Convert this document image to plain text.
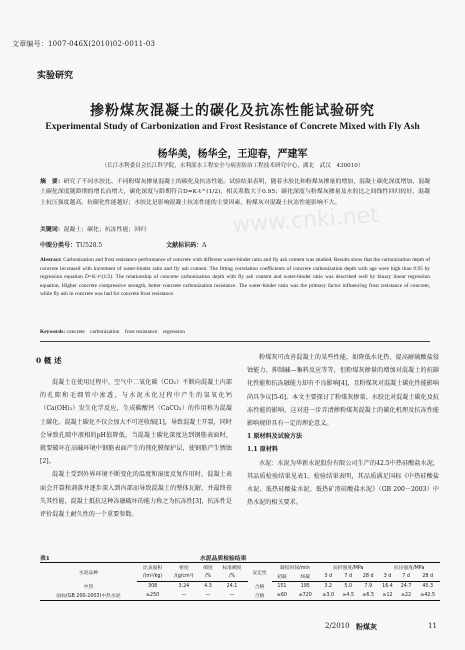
文章编号：1007-046X(2010)02-0011-03
实验研究
掺粉煤灰混凝土的碳化及抗冻性能试验研究
Experimental Study of Carbonization and Frost Resistance of Concrete Mixed with Fly Ash
杨华美，杨华全，王迎春，严建军
（长江水利委员会长江科学院，水利部水工程安全与病害防治工程技术研究中心，湖北　武汉　430010）
摘　要：研究了不同水胶比、不同粉煤灰掺量混凝土的碳化及抗冻性能。试验结果表明，随着水胶比和粉煤灰掺量的增加，混凝土碳化深度增加，混凝土碳化深度随龄期的增长而增大，碳化深度与龄期符合D=K·t^(1/2)，相关系数大于0.95；碳化深度与粉煤灰掺量及水胶比之间线性回归较好，混凝土抗压强度越高，抗碳化性能越好；水胶比是影响混凝土抗冻性能的主要因素，粉煤灰对混凝土抗冻性能影响不大。
关键词：混凝土；碳化；抗冻性能；回归
中图分类号：TU528.5	文献标识码：A
Abstract: Carbonization and frost resistance performance of concrete with different water-binder ratio and fly ash content was studied. Results show that the carbonization depth of concrete increased with increment of water-binder ratio and fly ash content. The fitting correlation coefficients of concrete carbonization depth with age were high than 0.95 by regression equation D=K·t^(1/2). The relationship of concrete carbonization depth with fly ash content and water-binder ratio was described well by binary linear regression equation. Higher concrete compressive strength, better concrete carbonization resistance. The water-binder ratio was the primary factor influencing frost resistance of concrete, while fly ash in concrete was had for concrete frost resistance.
Keywords: concrete　carbonization　frost resistance　regression
www.cnki.net
0 概 述

混凝土在使用过程中，空气中二氧化碳（CO₂）不断向混凝土内部的孔隙和毛细管中渗透，与水泥水化过程中产生的氢氧化钙（Ca(OH)₂）发生化学反应，生成碳酸钙（CaCO₃）的作用称为混凝土碳化。混凝土碳化不仅会加大不可逆收缩[1]，导致混凝土开裂，同时会导致孔隙中液相的pH值降低，当混凝土碳化深度达到钢筋表面时，就要破坏在高碱环境中钢筋表面产生的钝化膜保护层，使钢筋产生锈蚀[2]。

混凝土受到外界环境不断变化的温度和湿度反复作用时，混凝土表面会开裂和剥落并逐步深入到内部而导致混凝土的整体瓦解，并最终丧失其性能，混凝土抵抗这种冻融破坏的能力称之为抗冻性[3]，抗冻性是评价混凝土耐久性的一个重要参数。

粉煤灰可改善混凝土的某些性能，如降低水化热、提高耐硫酸盐侵蚀能力、抑制碱—集料反应等等，但粉煤灰掺量的增加对混凝土的抗碳化性能和抗冻融能力却有不良影响[4]，且粉煤灰对混凝土碳化性能影响尚具争议[5-6]。本文主要探讨了粉煤灰掺量、水胶比对混凝土碳化及抗冻性能的影响，这对进一步弄清掺粉煤灰混凝土的碳化机理及抗冻性能影响规律具有一定的理论意义。

1 原材料及试验方法

1.1 原材料

水泥：水泥为华新水泥股份有限公司生产的42.5中热硅酸盐水泥，其品质检验结果见表1。检验结果表明，其品质满足国标《中热硅酸盐水泥、低热硅酸盐水泥、低热矿渣硅酸盐水泥》（GB 200－2003）中热水泥的相关要求。

表1	水泥品质检验结果
水泥品种	比表面积	密度	细度	标准稠度	安定性	凝结时间/min		抗折强度/MPa			抗压强度/MPa		
	/(m²/kg)	/(g/cm³)	/%	/%		初凝	终凝	3 d	7 d	28 d	3 d	7 d	28 d
中热	308	3.24	4.3	24.1	合格	151	195	3.2	5.0	7.9	16.4	24.7	45.3
国标(GB 200-2003)中热水泥	≥250	—	—	—	合格	≥60	≤720	≥3.0	≥4.5	≥6.5	≥12	≥22	≥42.5
2/2010 粉煤灰	11
